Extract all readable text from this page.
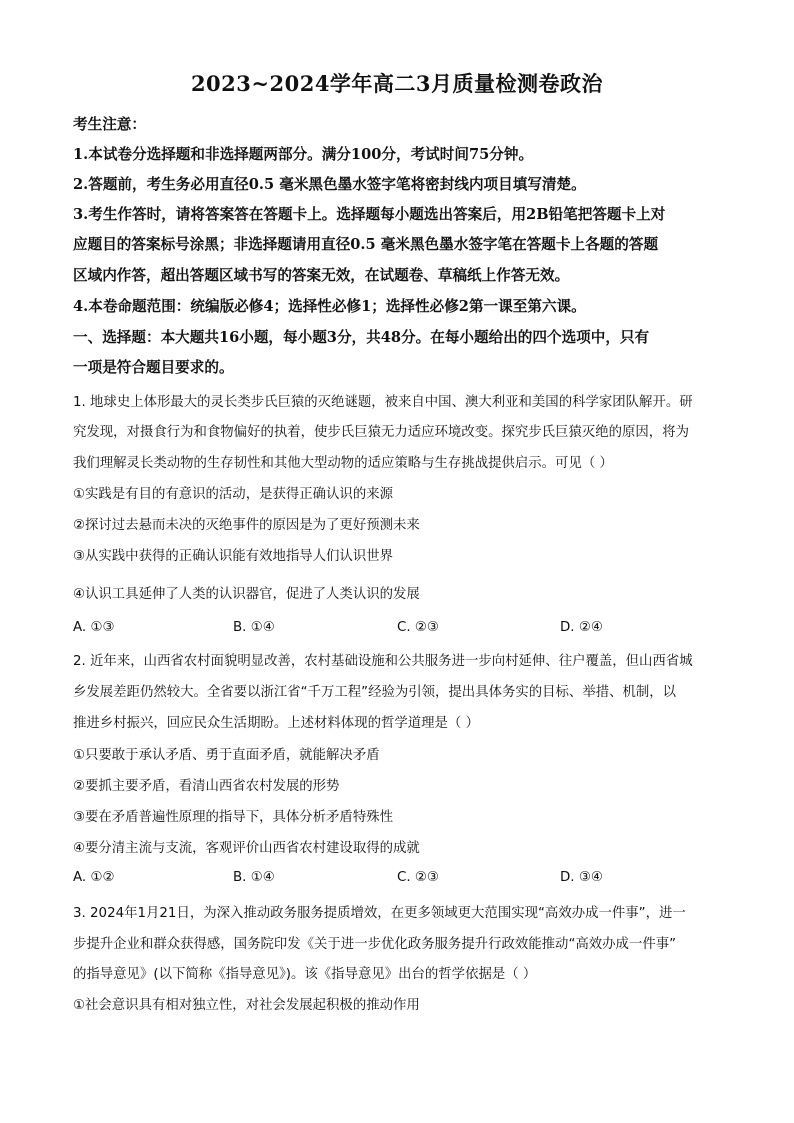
2023~2024学年高二3月质量检测卷政治
考生注意：
1.本试卷分选择题和非选择题两部分。满分100分，考试时间75分钟。
2.答题前，考生务必用直径0.5 毫米黑色墨水签字笔将密封线内项目填写清楚。
3.考生作答时，请将答案答在答题卡上。选择题每小题选出答案后，用2B铅笔把答题卡上对
应题目的答案标号涂黑；非选择题请用直径0.5 毫米黑色墨水签字笔在答题卡上各题的答题
区域内作答，超出答题区域书写的答案无效，在试题卷、草稿纸上作答无效。
4.本卷命题范围：统编版必修4；选择性必修1；选择性必修2第一课至第六课。
一、选择题：本大题共16小题，每小题3分，共48分。在每小题给出的四个选项中，只有
一项是符合题目要求的。
1. 地球史上体形最大的灵长类步氏巨猿的灭绝谜题，被来自中国、澳大利亚和美国的科学家团队解开。研
究发现，对摄食行为和食物偏好的执着，使步氏巨猿无力适应环境改变。探究步氏巨猿灭绝的原因，将为
我们理解灵长类动物的生存韧性和其他大型动物的适应策略与生存挑战提供启示。可见（ ）
①实践是有目的有意识的活动，是获得正确认识的来源
②探讨过去悬而未决的灭绝事件的原因是为了更好预测未来
③从实践中获得的正确认识能有效地指导人们认识世界
④认识工具延伸了人类的认识器官，促进了人类认识的发展
A. ①③	B. ①④	C. ②③	D. ②④
2. 近年来，山西省农村面貌明显改善，农村基础设施和公共服务进一步向村延伸、往户覆盖，但山西省城
乡发展差距仍然较大。全省要以浙江省“千万工程”经验为引领，提出具体务实的目标、举措、机制，以
推进乡村振兴，回应民众生活期盼。上述材料体现的哲学道理是（ ）
①只要敢于承认矛盾、勇于直面矛盾，就能解决矛盾
②要抓主要矛盾，看清山西省农村发展的形势
③要在矛盾普遍性原理的指导下，具体分析矛盾特殊性
④要分清主流与支流，客观评价山西省农村建设取得的成就
A. ①②	B. ①④	C. ②③	D. ③④
3. 2024年1月21日，为深入推动政务服务提质增效，在更多领域更大范围实现“高效办成一件事”，进一
步提升企业和群众获得感，国务院印发《关于进一步优化政务服务提升行政效能推动“高效办成一件事”
的指导意见》(以下简称《指导意见》)。该《指导意见》出台的哲学依据是（ ）
①社会意识具有相对独立性，对社会发展起积极的推动作用
